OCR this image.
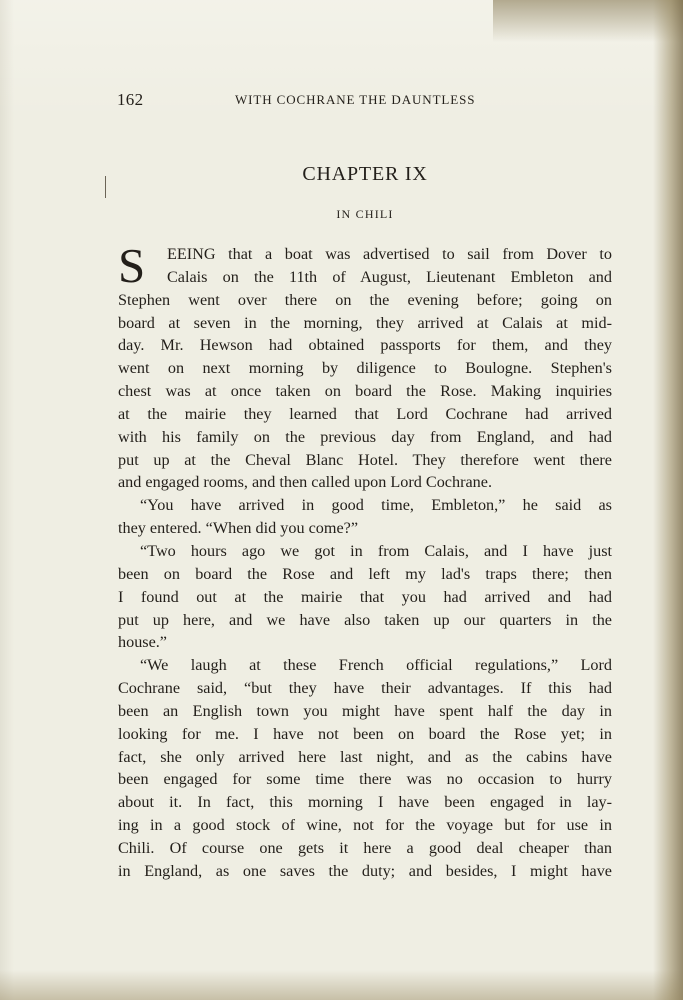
162	WITH COCHRANE THE DAUNTLESS
CHAPTER IX
IN CHILI
S	EEING that a boat was advertised to sail from Dover to
Calais on the 11th of August, Lieutenant Embleton and
Stephen went over there on the evening before; going on
board at seven in the morning, they arrived at Calais at mid-
day. Mr. Hewson had obtained passports for them, and they
went on next morning by diligence to Boulogne. Stephen's
chest was at once taken on board the Rose. Making inquiries
at the mairie they learned that Lord Cochrane had arrived
with his family on the previous day from England, and had
put up at the Cheval Blanc Hotel. They therefore went there
and engaged rooms, and then called upon Lord Cochrane.
“You have arrived in good time, Embleton,” he said as
they entered. “When did you come?”
“Two hours ago we got in from Calais, and I have just
been on board the Rose and left my lad's traps there; then
I found out at the mairie that you had arrived and had
put up here, and we have also taken up our quarters in the
house.”
“We laugh at these French official regulations,” Lord
Cochrane said, “but they have their advantages. If this had
been an English town you might have spent half the day in
looking for me. I have not been on board the Rose yet; in
fact, she only arrived here last night, and as the cabins have
been engaged for some time there was no occasion to hurry
about it. In fact, this morning I have been engaged in lay-
ing in a good stock of wine, not for the voyage but for use in
Chili. Of course one gets it here a good deal cheaper than
in England, as one saves the duty; and besides, I might have
